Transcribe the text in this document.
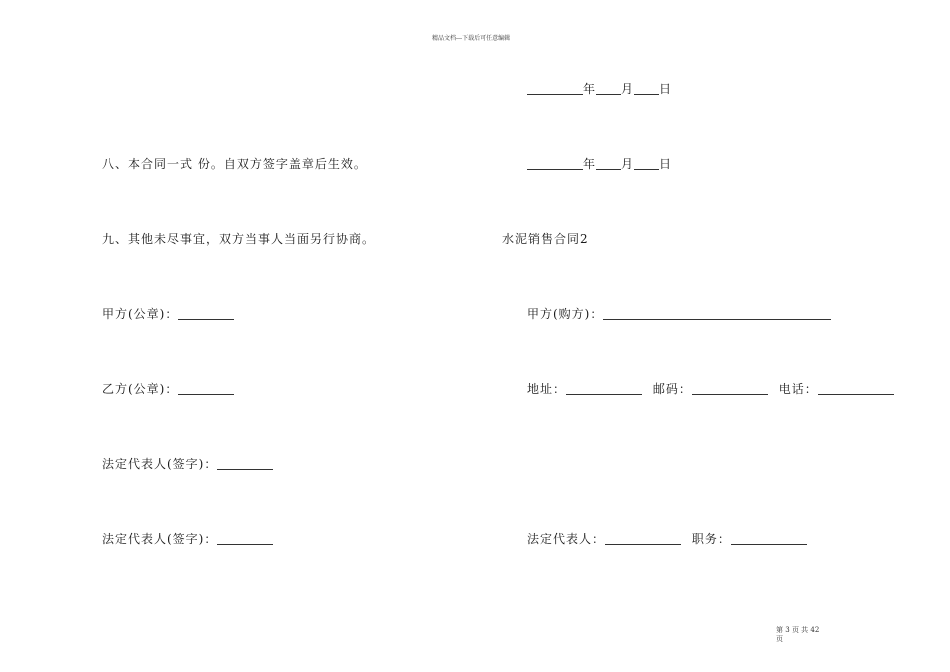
精品文档---下载后可任意编辑
年 月 日
年 月 日
八、本合同一式 份。自双方签字盖章后生效。
九、其他未尽事宜，双方当事人当面另行协商。	水泥销售合同2
甲方(公章)：	甲方(购方)：
乙方(公章)：	地址：	邮码：	电话：
法定代表人(签字)：
法定代表人(签字)：	法定代表人：	职务：
第 3 页 共 42
页
